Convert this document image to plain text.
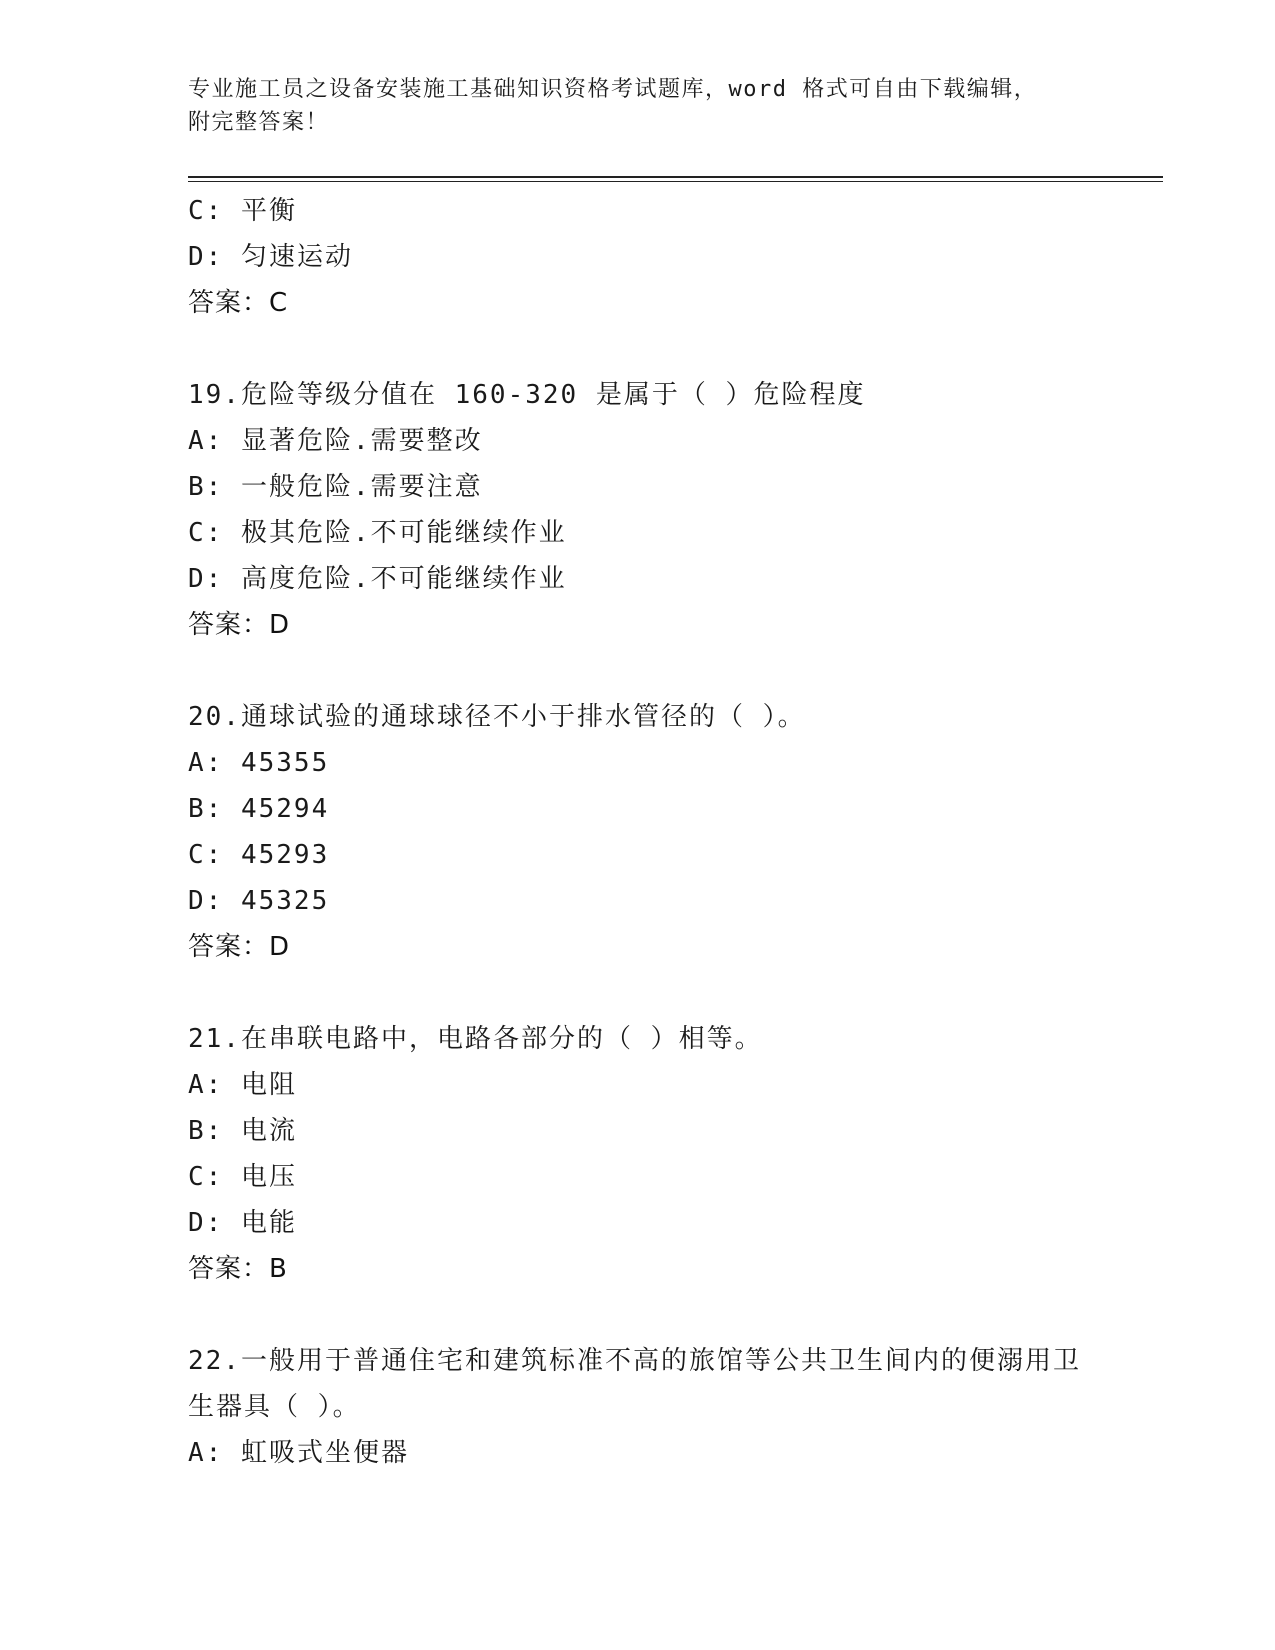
专业施工员之设备安装施工基础知识资格考试题库，word 格式可自由下载编辑，
附完整答案！
C: 平衡
D: 匀速运动
答案：C
19.危险等级分值在 160-320 是属于（ ）危险程度
A: 显著危险.需要整改
B: 一般危险.需要注意
C: 极其危险.不可能继续作业
D: 高度危险.不可能继续作业
答案：D
20.通球试验的通球球径不小于排水管径的（ ）。
A: 45355
B: 45294
C: 45293
D: 45325
答案：D
21.在串联电路中，电路各部分的（ ）相等。
A: 电阻
B: 电流
C: 电压
D: 电能
答案：B
22.一般用于普通住宅和建筑标准不高的旅馆等公共卫生间内的便溺用卫生器具（ ）。
A: 虹吸式坐便器
